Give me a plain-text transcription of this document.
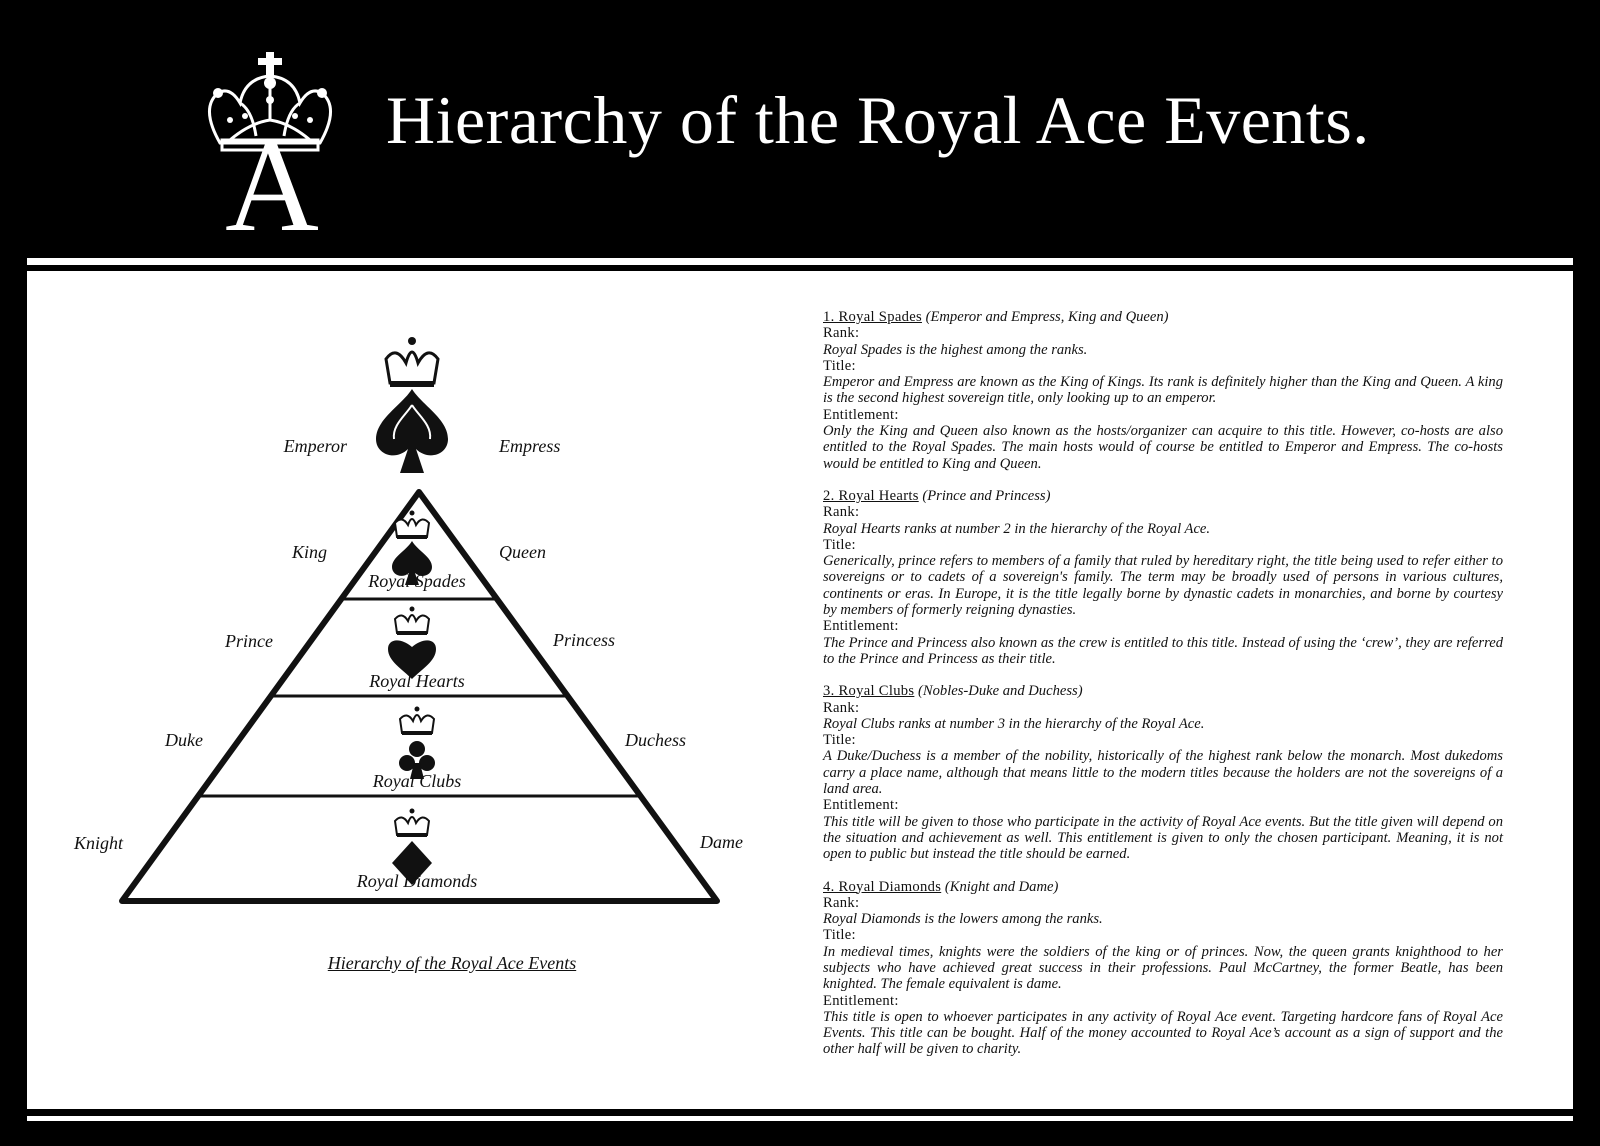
A Hierarchy of the Royal Ace Events.
Royal Spades
Royal Hearts
Royal Clubs
Royal Diamonds
Emperor	Empress
King	Queen
Prince	Princess
Duke	Duchess
Knight	Dame
Hierarchy of the Royal Ace Events
1. Royal Spades (Emperor and Empress, King and Queen)
Rank:
Royal Spades is the highest among the ranks.
Title:
Emperor and Empress are known as the King of Kings. Its rank is definitely higher than the King and Queen. A king is the second highest sovereign title, only looking up to an emperor.
Entitlement:
Only the King and Queen also known as the hosts/organizer can acquire to this title. However, co-hosts are also entitled to the Royal Spades. The main hosts would of course be entitled to Emperor and Empress. The co-hosts would be entitled to King and Queen.
2. Royal Hearts (Prince and Princess)
Rank:
Royal Hearts ranks at number 2 in the hierarchy of the Royal Ace.
Title:
Generically, prince refers to members of a family that ruled by hereditary right, the title being used to refer either to sovereigns or to cadets of a sovereign's family. The term may be broadly used of persons in various cultures, continents or eras. In Europe, it is the title legally borne by dynastic cadets in monarchies, and borne by courtesy by members of formerly reigning dynasties.
Entitlement:
The Prince and Princess also known as the crew is entitled to this title. Instead of using the ‘crew’, they are referred to the Prince and Princess as their title.
3. Royal Clubs (Nobles-Duke and Duchess)
Rank:
Royal Clubs ranks at number 3 in the hierarchy of the Royal Ace.
Title:
A Duke/Duchess is a member of the nobility, historically of the highest rank below the monarch. Most dukedoms carry a place name, although that means little to the modern titles because the holders are not the sovereigns of a land area.
Entitlement:
This title will be given to those who participate in the activity of Royal Ace events. But the title given will depend on the situation and achievement as well. This entitlement is given to only the chosen participant. Meaning, it is not open to public but instead the title should be earned.
4. Royal Diamonds (Knight and Dame)
Rank:
Royal Diamonds is the lowers among the ranks.
Title:
In medieval times, knights were the soldiers of the king or of princes. Now, the queen grants knighthood to her subjects who have achieved great success in their professions. Paul McCartney, the former Beatle, has been knighted. The female equivalent is dame.
Entitlement:
This title is open to whoever participates in any activity of Royal Ace event. Targeting hardcore fans of Royal Ace Events. This title can be bought. Half of the money accounted to Royal Ace’s account as a sign of support and the other half will be given to charity.
